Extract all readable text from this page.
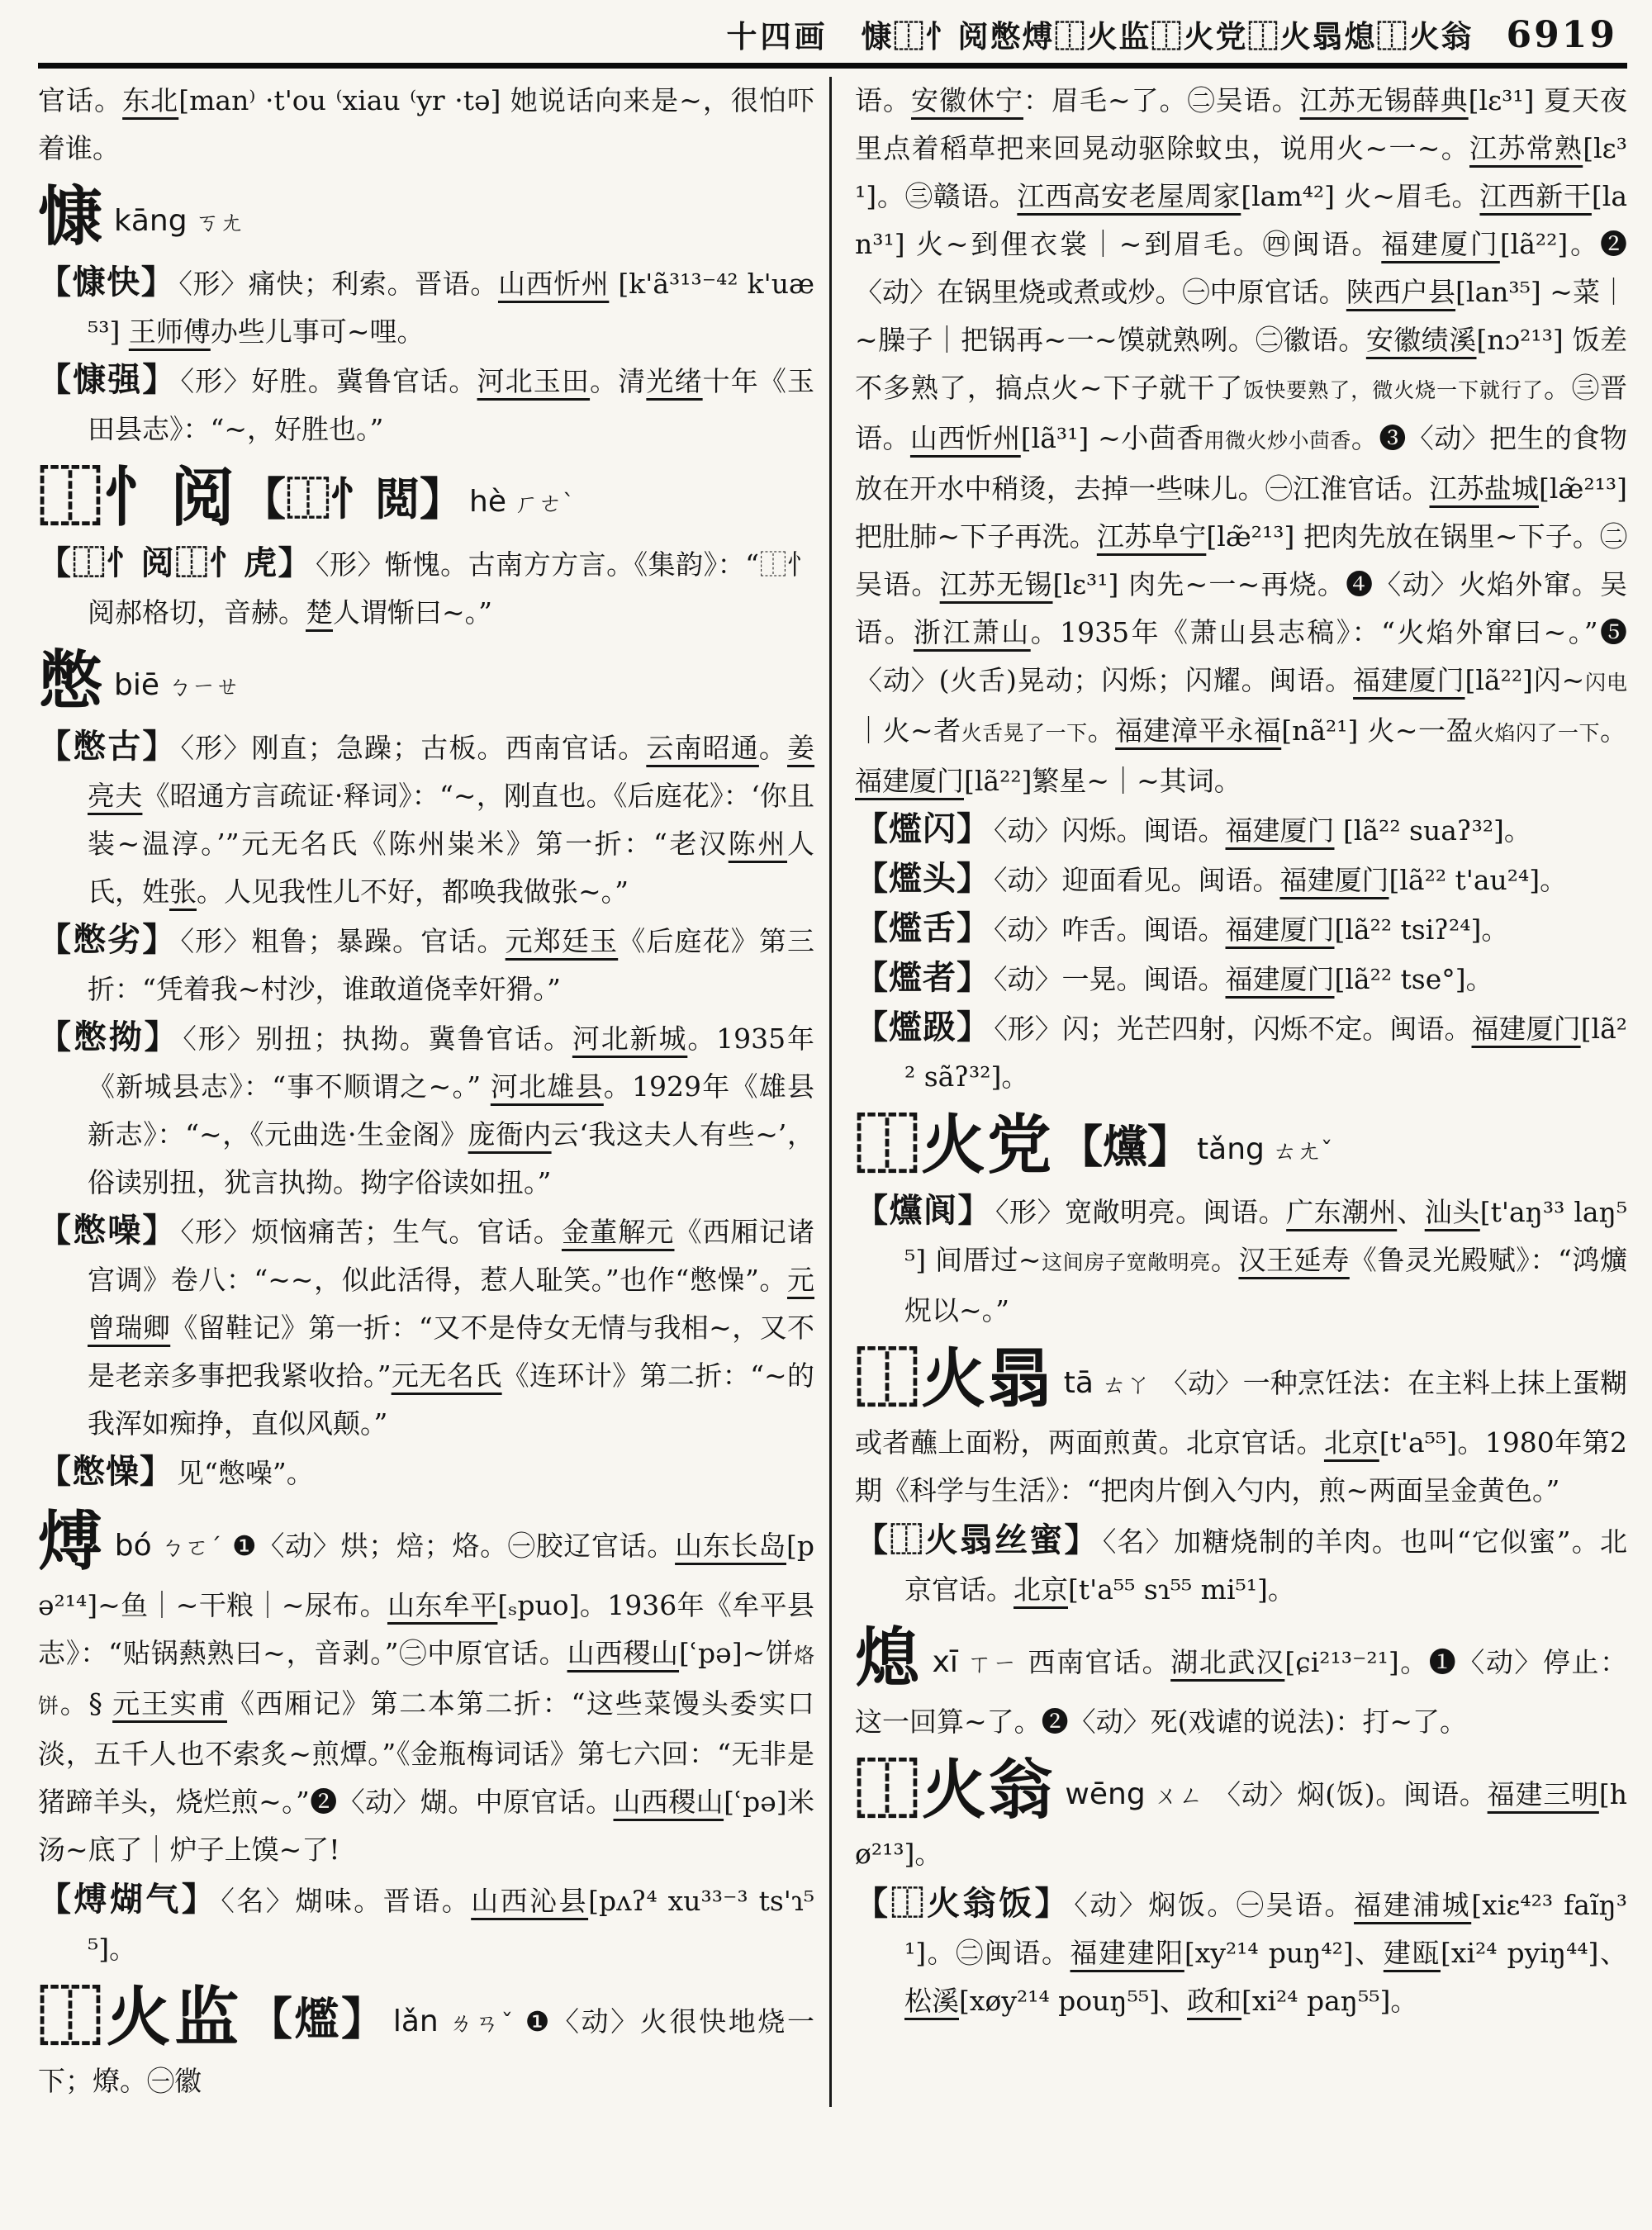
十四画 慷⿰忄阅憋煿⿰火监⿰火党⿰火𦐇熄⿰火翁 6919

官话。东北[man⁾ ·t'ou ⁽xiau ⁽yr ·tə] 她说话向来是~，很怕吓着谁。

慷kāng ㄎㄤ

【慷快】 〈形〉痛快；利索。晋语。山西忻州 [k'ã³¹³⁻⁴² k'uæ⁵³] 王师傅办些儿事可~哩。

【慷强】 〈形〉好胜。冀鲁官话。河北玉田。清光绪十年《玉田县志》：“~，好胜也。”

⿰忄阅 【⿰忄閲】 hè ㄏㄜˋ

【⿰忄阅⿰忄虎】 〈形〉惭愧。古南方方言。《集韵》：“⿰忄阅郝格切，音赫。楚人谓惭曰~。”

憋biē ㄅㄧㄝ

【憋古】 〈形〉刚直；急躁；古板。西南官话。云南昭通。姜亮夫《昭通方言疏证·释词》：“~，刚直也。《后庭花》：‘你且装~温淳。’”元无名氏《陈州粜米》第一折：“老汉陈州人氏，姓张。人见我性儿不好，都唤我做张~。”

【憋劣】 〈形〉粗鲁；暴躁。官话。元郑廷玉《后庭花》第三折：“凭着我~村沙，谁敢道侥幸奸猾。”

【憋拗】 〈形〉别扭；执拗。冀鲁官话。河北新城。1935年《新城县志》：“事不顺谓之~。” 河北雄县。1929年《雄县新志》：“~，《元曲选·生金阁》庞衙内云‘我这夫人有些~’，俗读别扭，犹言执拗。拗字俗读如扭。”

【憋噪】 〈形〉烦恼痛苦；生气。官话。金董解元《西厢记诸宫调》卷八：“~~，似此活得，惹人耻笑。”也作“憋懆”。元曾瑞卿《留鞋记》第一折：“又不是侍女无情与我相~，又不是老亲多事把我紧收拾。”元无名氏《连环计》第二折：“~的我浑如痴挣，直似风颠。”

【憋懆】 见“憋噪”。

煿bó ㄅㄛˊ ❶〈动〉烘；焙；烙。㊀胶辽官话。山东长岛[pə²¹⁴]~鱼｜~干粮｜~尿布。山东牟平[ₛpuo]。1936年《牟平县志》：“贴锅爇熟曰~，音剥。”㊁中原官话。山西稷山[ʿpə]~饼烙饼。§ 元王实甫《西厢记》第二本第二折：“这些菜馒头委实口淡，五千人也不索炙~煎燂。”《金瓶梅词话》第七六回：“无非是猪蹄羊头，烧烂煎~。”❷〈动〉煳。中原官话。山西稷山[ʿpə]米汤~底了｜炉子上馍~了!

【煿煳气】 〈名〉煳味。晋语。山西沁县[pʌʔ⁴ xu³³⁻³ ts'ɿ⁵⁵]。

⿰火监 【爁】 lǎn ㄌㄢˇ ❶〈动〉火很快地烧一下；燎。㊀徽

语。安徽休宁：眉毛~了。㊁吴语。江苏无锡薛典[lɛ³¹] 夏天夜里点着稻草把来回晃动驱除蚊虫，说用火~一~。江苏常熟[lɛ³¹]。㊂赣语。江西高安老屋周家[lam⁴²] 火~眉毛。江西新干[lan³¹] 火~到俚衣裳｜~到眉毛。㊃闽语。福建厦门[lã²²]。❷〈动〉在锅里烧或煮或炒。㊀中原官话。陕西户县[lan³⁵] ~菜｜~臊子｜把锅再~一~馍就熟咧。㊁徽语。安徽绩溪[nɔ²¹³] 饭差不多熟了，搞点火~下子就干了饭快要熟了，微火烧一下就行了。㊂晋语。山西忻州[lã³¹] ~小茴香用微火炒小茴香。❸〈动〉把生的食物放在开水中稍烫，去掉一些味儿。㊀江淮官话。江苏盐城[læ̃²¹³] 把肚肺~下子再洗。江苏阜宁[læ̃²¹³] 把肉先放在锅里~下子。㊁吴语。江苏无锡[lɛ³¹] 肉先~一~再烧。❹〈动〉火焰外窜。吴语。浙江萧山。1935年《萧山县志稿》：“火焰外窜曰~。”❺〈动〉(火舌)晃动；闪烁；闪耀。闽语。福建厦门[lã²²]闪~闪电｜火~者火舌晃了一下。福建漳平永福[nã²¹] 火~一盈火焰闪了一下。福建厦门[lã²²]繁星~｜~其词。

【爁闪】 〈动〉闪烁。闽语。福建厦门 [lã²² suaʔ³²]。

【爁头】 〈动〉迎面看见。闽语。福建厦门[lã²² t'au²⁴]。

【爁舌】 〈动〉咋舌。闽语。福建厦门[lã²² tsiʔ²⁴]。

【爁者】 〈动〉一晃。闽语。福建厦门[lã²² tse°]。

【爁趿】 〈形〉闪；光芒四射，闪烁不定。闽语。福建厦门[lã²² sãʔ³²]。

⿰火党 【爣】 tǎng ㄊㄤˇ

【爣阆】 〈形〉宽敞明亮。闽语。广东潮州、汕头[t'aŋ³³ laŋ⁵⁵] 间厝过~这间房子宽敞明亮。汉王延寿《鲁灵光殿赋》：“鸿爌炾以~。”

⿰火𦐇 tā ㄊㄚ 〈动〉一种烹饪法：在主料上抹上蛋糊或者蘸上面粉，两面煎黄。北京官话。北京[t'a⁵⁵]。1980年第2期《科学与生活》：“把肉片倒入勺内，煎~两面呈金黄色。”

【⿰火𦐇丝蜜】 〈名〉加糖烧制的羊肉。也叫“它似蜜”。北京官话。北京[t'a⁵⁵ sɿ⁵⁵ mi⁵¹]。

熄xī ㄒㄧ 西南官话。湖北武汉[ɕi²¹³⁻²¹]。❶〈动〉停止：这一回算~了。❷〈动〉死(戏谑的说法)：打~了。

⿰火翁 wēng ㄨㄥ 〈动〉焖(饭)。闽语。福建三明[hø²¹³]。

【⿰火翁饭】 〈动〉焖饭。㊀吴语。福建浦城[xiɛ⁴²³ faĩŋ³¹]。㊁闽语。福建建阳[xy²¹⁴ puŋ⁴²]、建瓯[xi²⁴ pyiŋ⁴⁴]、松溪[xøy²¹⁴ pouŋ⁵⁵]、政和[xi²⁴ paŋ⁵⁵]。
